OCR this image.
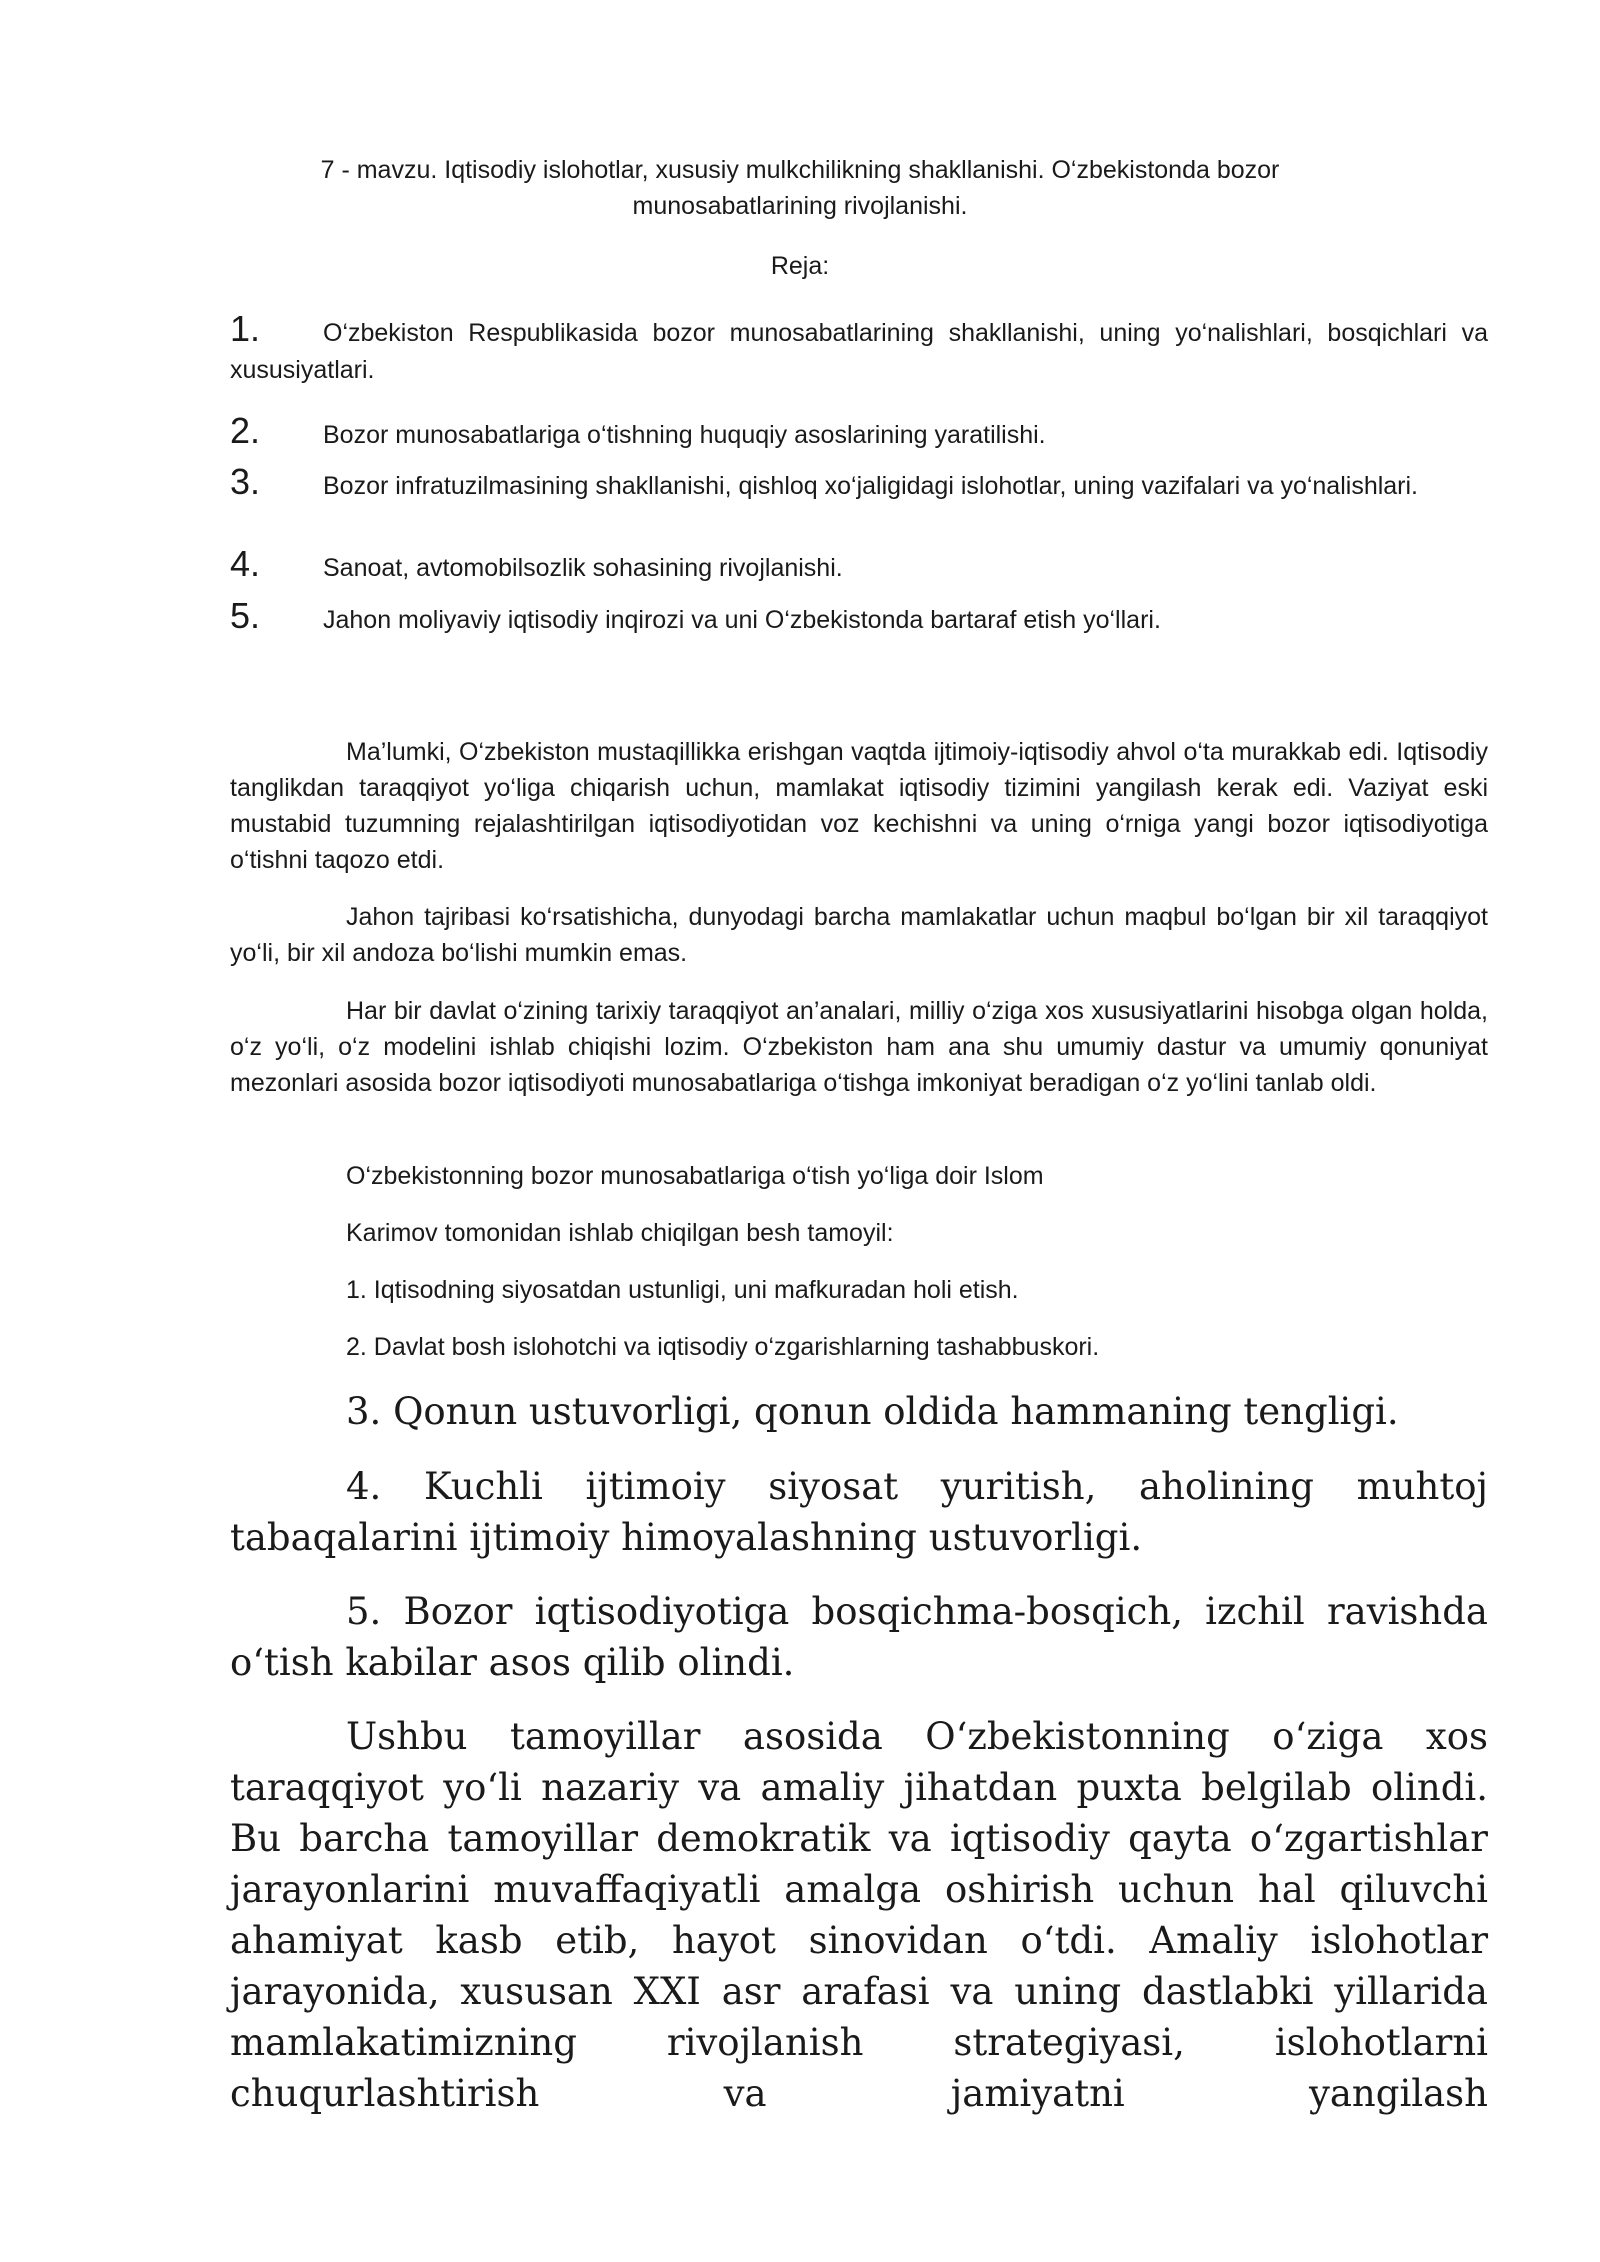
7 - mavzu. Iqtisodiy islohotlar, xususiy mulkchilikning shakllanishi. O‘zbekistonda bozor munosabatlarining rivojlanishi.
Reja:
1.	O‘zbekiston Respublikasida bozor munosabatlarining shakllanishi, uning yo‘nalishlari, bosqichlari va xususiyatlari.
2.	Bozor munosabatlariga o‘tishning huquqiy asoslarining yaratilishi.
3.	Bozor infratuzilmasining shakllanishi, qishloq xo‘jaligidagi islohotlar, uning vazifalari va yo‘nalishlari.
4.	Sanoat, avtomobilsozlik sohasining rivojlanishi.
5.	Jahon moliyaviy iqtisodiy inqirozi va uni O‘zbekistonda bartaraf etish yo‘llari.
Ma’lumki, O‘zbekiston mustaqillikka erishgan vaqtda ijtimoiy-iqtisodiy ahvol o‘ta murakkab edi. Iqtisodiy tanglikdan taraqqiyot yo‘liga chiqarish uchun, mamlakat iqtisodiy tizimini yangilash kerak edi. Vaziyat eski mustabid tuzumning rejalashtirilgan iqtisodiyotidan voz kechishni va uning o‘rniga yangi bozor iqtisodiyotiga o‘tishni taqozo etdi.
Jahon tajribasi ko‘rsatishicha, dunyodagi barcha mamlakatlar uchun maqbul bo‘lgan bir xil taraqqiyot yo‘li, bir xil andoza bo‘lishi mumkin emas.
Har bir davlat o‘zining tarixiy taraqqiyot an’analari, milliy o‘ziga xos xususiyatlarini hisobga olgan holda, o‘z yo‘li, o‘z modelini ishlab chiqishi lozim. O‘zbekiston ham ana shu umumiy dastur va umumiy qonuniyat mezonlari asosida bozor iqtisodiyoti munosabatlariga o‘tishga imkoniyat beradigan o‘z yo‘lini tanlab oldi.
O‘zbekistonning bozor munosabatlariga o‘tish yo‘liga doir Islom
Karimov tomonidan ishlab chiqilgan besh tamoyil:
1. Iqtisodning siyosatdan ustunligi, uni mafkuradan holi etish.
2. Davlat bosh islohotchi va iqtisodiy o‘zgarishlarning tashabbuskori.
3. Qonun ustuvorligi, qonun oldida hammaning tengligi.
4. Kuchli ijtimoiy siyosat yuritish, aholining muhtoj tabaqalarini ijtimoiy himoyalashning ustuvorligi.
5. Bozor iqtisodiyotiga bosqichma-bosqich, izchil ravishda o‘tish kabilar asos qilib olindi.
Ushbu tamoyillar asosida O‘zbekistonning o‘ziga xos taraqqiyot yo‘li nazariy va amaliy jihatdan puxta belgilab olindi. Bu barcha tamoyillar demokratik va iqtisodiy qayta o‘zgartishlar jarayonlarini muvaffaqiyatli amalga oshirish uchun hal qiluvchi ahamiyat kasb etib, hayot sinovidan o‘tdi. Amaliy islohotlar jarayonida, xususan XXI asr arafasi va uning dastlabki yillarida mamlakatimizning rivojlanish strategiyasi, islohotlarni chuqurlashtirish va jamiyatni yangilash
